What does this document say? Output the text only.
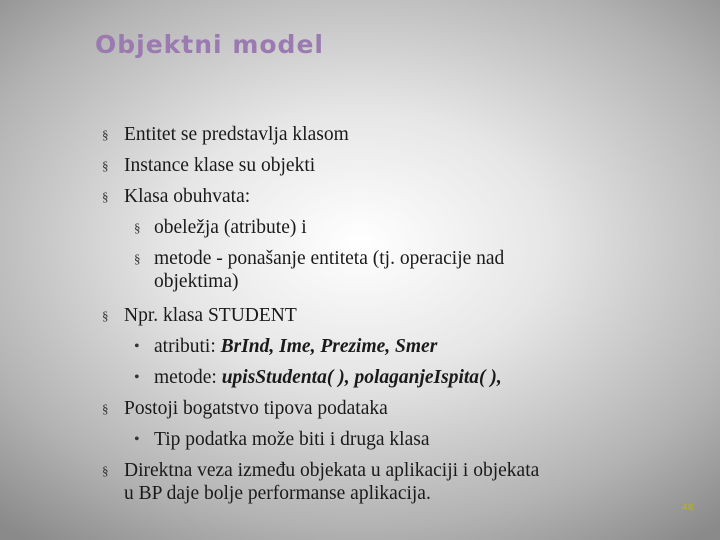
Objektni model
§ Entitet se predstavlja klasom
§ Instance klase su objekti
§ Klasa obuhvata:
§ obeležja (atribute) i
§ metode - ponašanje entiteta (tj. operacije nad
objektima)
§ Npr. klasa STUDENT
• atributi: BrInd, Ime, Prezime, Smer
• metode: upisStudenta( ), polaganjeIspita( ),
§ Postoji bogatstvo tipova podataka
• Tip podatka može biti i druga klasa
§ Direktna veza između objekata u aplikaciji i objekata
u BP daje bolje performanse aplikacija.
48
